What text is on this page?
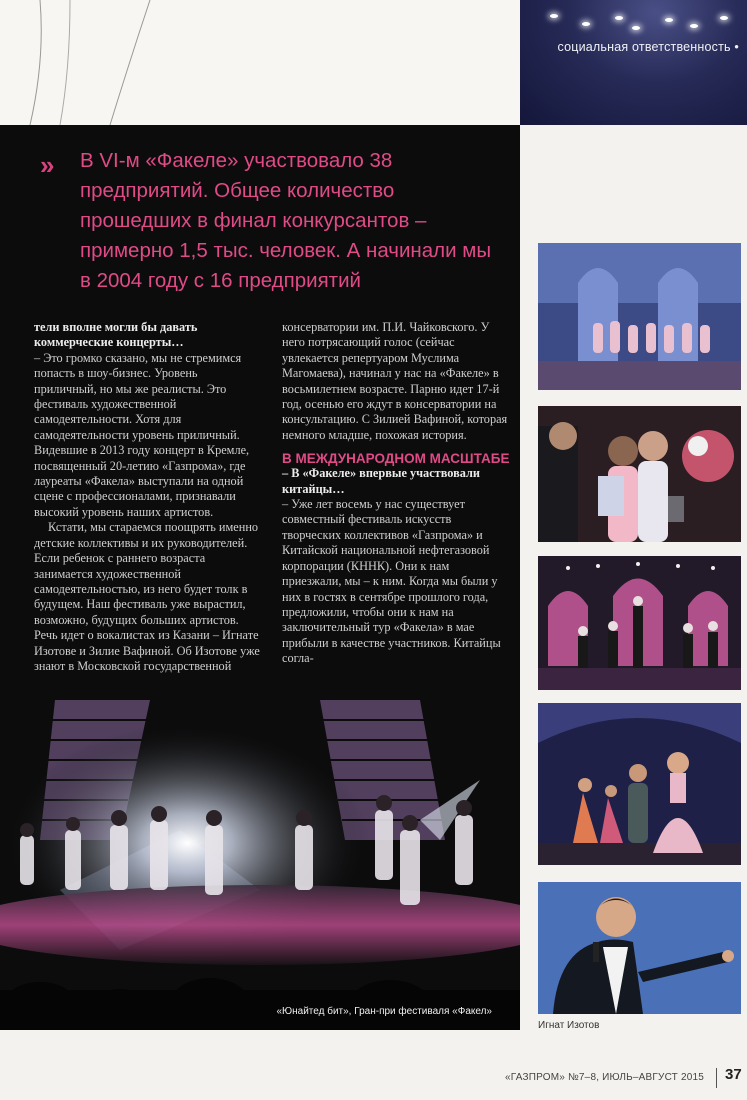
социальная ответственность •
» В VI-м «Факеле» участвовало 38 предприятий. Общее количество прошедших в финал конкурсантов – примерно 1,5 тыс. человек. А начинали мы в 2004 году с 16 предприятий

тели вполне могли бы давать коммерческие концерты…

– Это громко сказано, мы не стремимся попасть в шоу-бизнес. Уровень приличный, но мы же реалисты. Это фестиваль художественной самодеятельности. Хотя для самодеятельности уровень приличный. Видевшие в 2013 году концерт в Кремле, посвященный 20-летию «Газпрома», где лауреаты «Факела» выступали на одной сцене с профессионалами, признавали высокий уровень наших артистов.

Кстати, мы стараемся поощрять именно детские коллективы и их руководителей. Если ребенок с раннего возраста занимается художественной самодеятельностью, из него будет толк в будущем. Наш фестиваль уже вырастил, возможно, будущих больших артистов. Речь идет о вокалистах из Казани – Игнате Изотове и Зилие Вафиной. Об Изотове уже знают в Московской государственной

консерватории им. П.И. Чайковского. У него потрясающий голос (сейчас увлекается репертуаром Муслима Магомаева), начинал у нас на «Факеле» в восьмилетнем возрасте. Парню идет 17-й год, осенью его ждут в консерватории на консультацию. С Зилией Вафиной, которая немного младше, похожая история.

В МЕЖДУНАРОДНОМ МАСШТАБЕ

– В «Факеле» впервые участвовали китайцы…

– Уже лет восемь у нас существует совместный фестиваль искусств творческих коллективов «Газпрома» и Китайской национальной нефтегазовой корпорации (КННК). Они к нам приезжали, мы – к ним. Когда мы были у них в гостях в сентябре прошлого года, предложили, чтобы они к нам на заключительный тур «Факела» в мае прибыли в качестве участников. Китайцы согла-

«Юнайтед бит», Гран-при фестиваля «Факел»
Игнат Изотов
«ГАЗПРОМ» №7–8, ИЮЛЬ–АВГУСТ 2015 37
